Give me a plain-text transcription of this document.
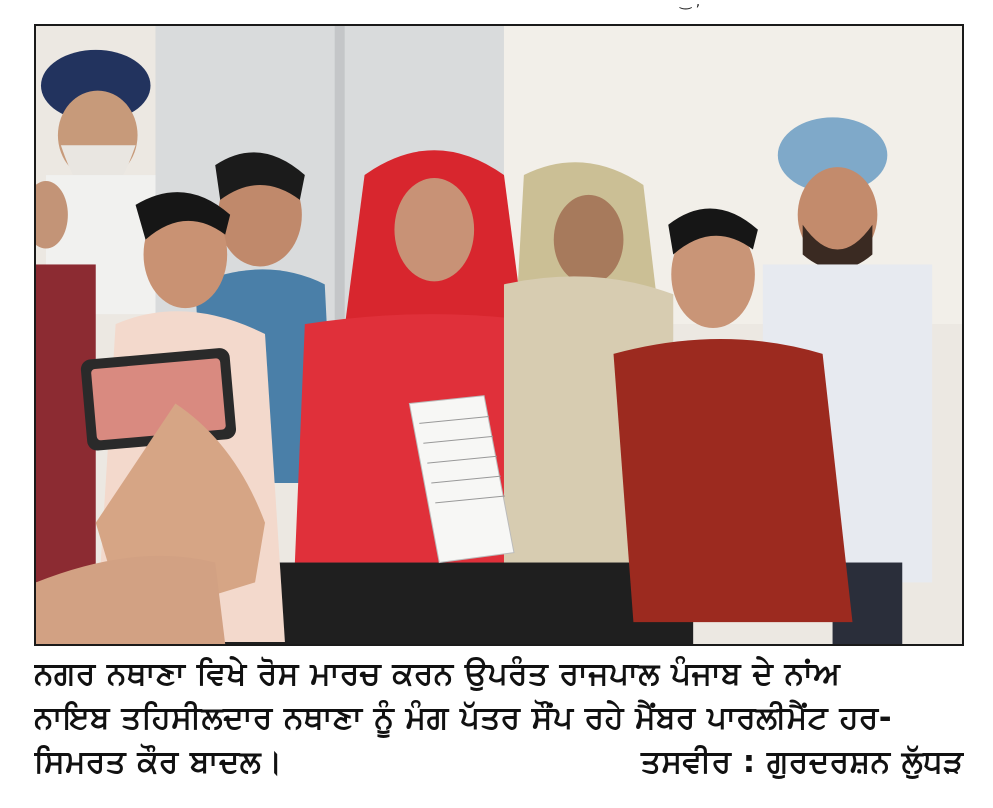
‿ ,
ਨਗਰ ਨਥਾਣਾ ਵਿਖੇ ਰੋਸ ਮਾਰਚ ਕਰਨ ਉਪਰੰਤ ਰਾਜਪਾਲ ਪੰਜਾਬ ਦੇ ਨਾਂਅ
ਨਾਇਬ ਤਹਿਸੀਲਦਾਰ ਨਥਾਣਾ ਨੂੰ ਮੰਗ ਪੱਤਰ ਸੌਂਪ ਰਹੇ ਮੈਂਬਰ ਪਾਰਲੀਮੈਂਟ ਹਰ-
ਸਿਮਰਤ ਕੌਰ ਬਾਦਲ।	ਤਸਵੀਰ : ਗੁਰਦਰਸ਼ਨ ਲੁੱਧੜ
